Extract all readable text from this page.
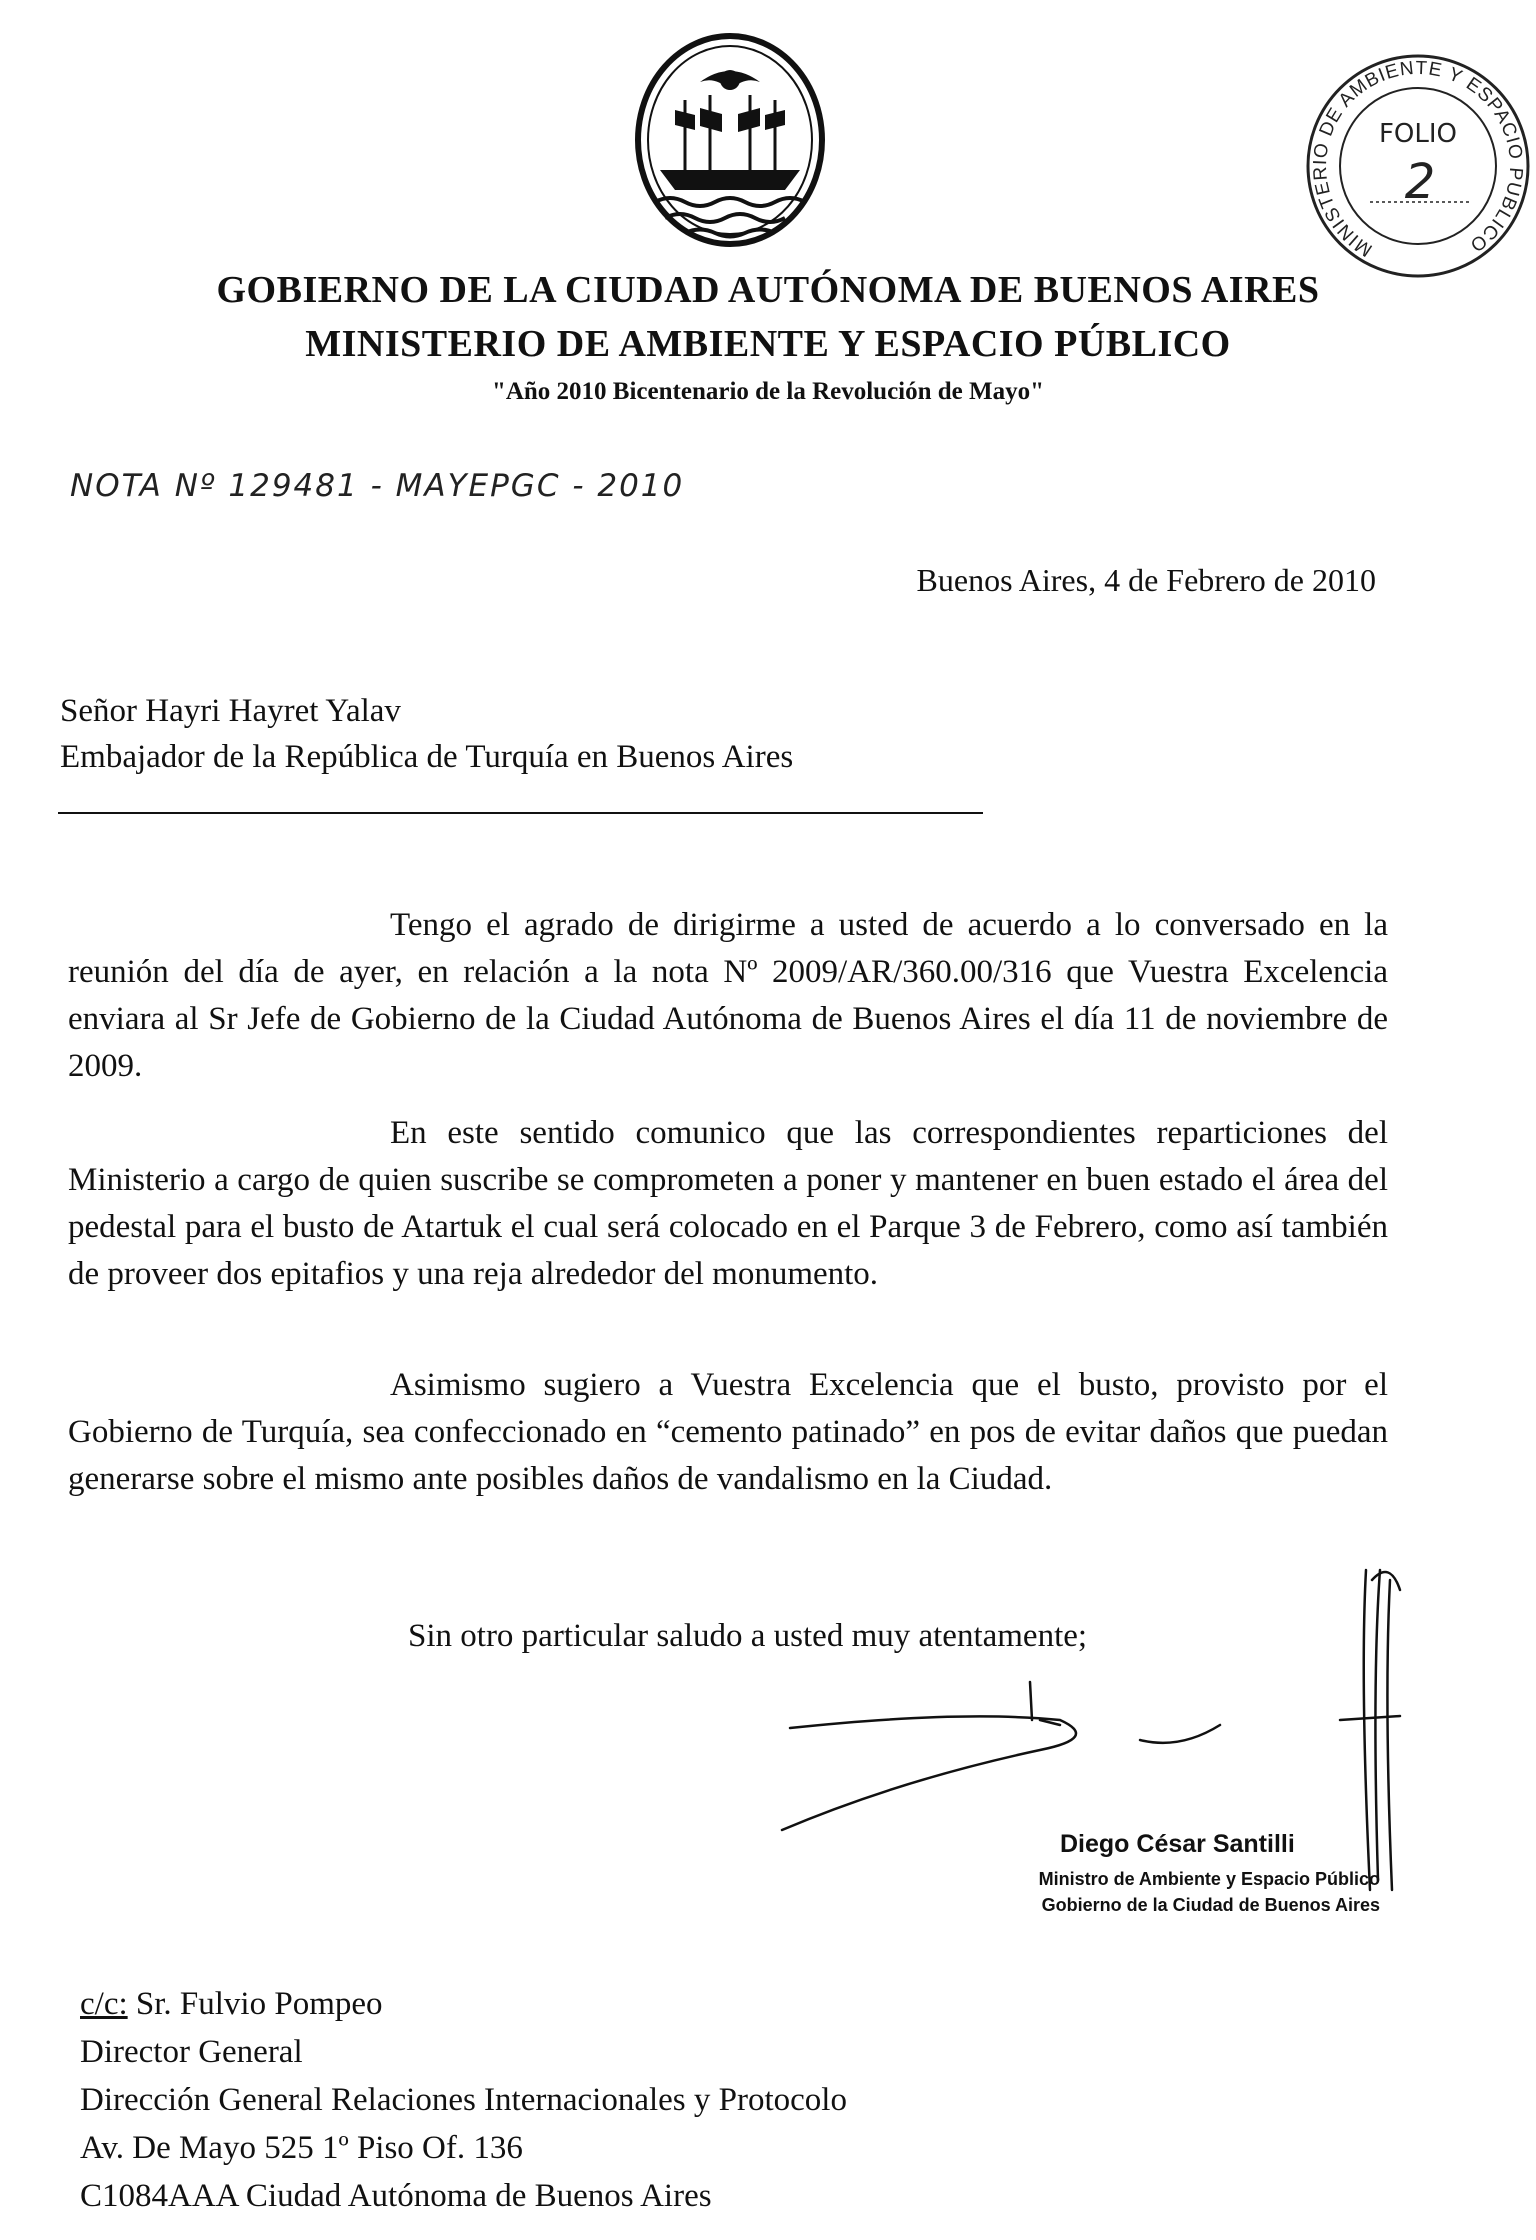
MINISTERIO DE AMBIENTE Y ESPACIO PUBLICO
FOLIO
2
GOBIERNO DE LA CIUDAD AUTÓNOMA DE BUENOS AIRES
MINISTERIO DE AMBIENTE Y ESPACIO PÚBLICO
"Año 2010 Bicentenario de la Revolución de Mayo"
NOTA Nº 129481 - MAYEPGC - 2010
Buenos Aires, 4 de Febrero de 2010
Señor Hayri Hayret Yalav
Embajador de la República de Turquía en Buenos Aires
Tengo el agrado de dirigirme a usted de acuerdo a lo conversado en la reunión del día de ayer, en relación a la nota Nº 2009/AR/360.00/316 que Vuestra Excelencia enviara al Sr Jefe de Gobierno de la Ciudad Autónoma de Buenos Aires el día 11 de noviembre de 2009.
En este sentido comunico que las correspondientes reparticiones del Ministerio a cargo de quien suscribe se comprometen a poner y mantener en buen estado el área del pedestal para el busto de Atartuk el cual será colocado en el Parque 3 de Febrero, como así también de proveer dos epitafios y una reja alrededor del monumento.
Asimismo sugiero a Vuestra Excelencia que el busto, provisto por el Gobierno de Turquía, sea confeccionado en “cemento patinado” en pos de evitar daños que puedan generarse sobre el mismo ante posibles daños de vandalismo en la Ciudad.
Sin otro particular saludo a usted muy atentamente;
Diego César Santilli
Ministro de Ambiente y Espacio Público
Gobierno de la Ciudad de Buenos Aires
c/c: Sr. Fulvio Pompeo
Director General
Dirección General Relaciones Internacionales y Protocolo
Av. De Mayo 525 1º Piso Of. 136
C1084AAA Ciudad Autónoma de Buenos Aires
